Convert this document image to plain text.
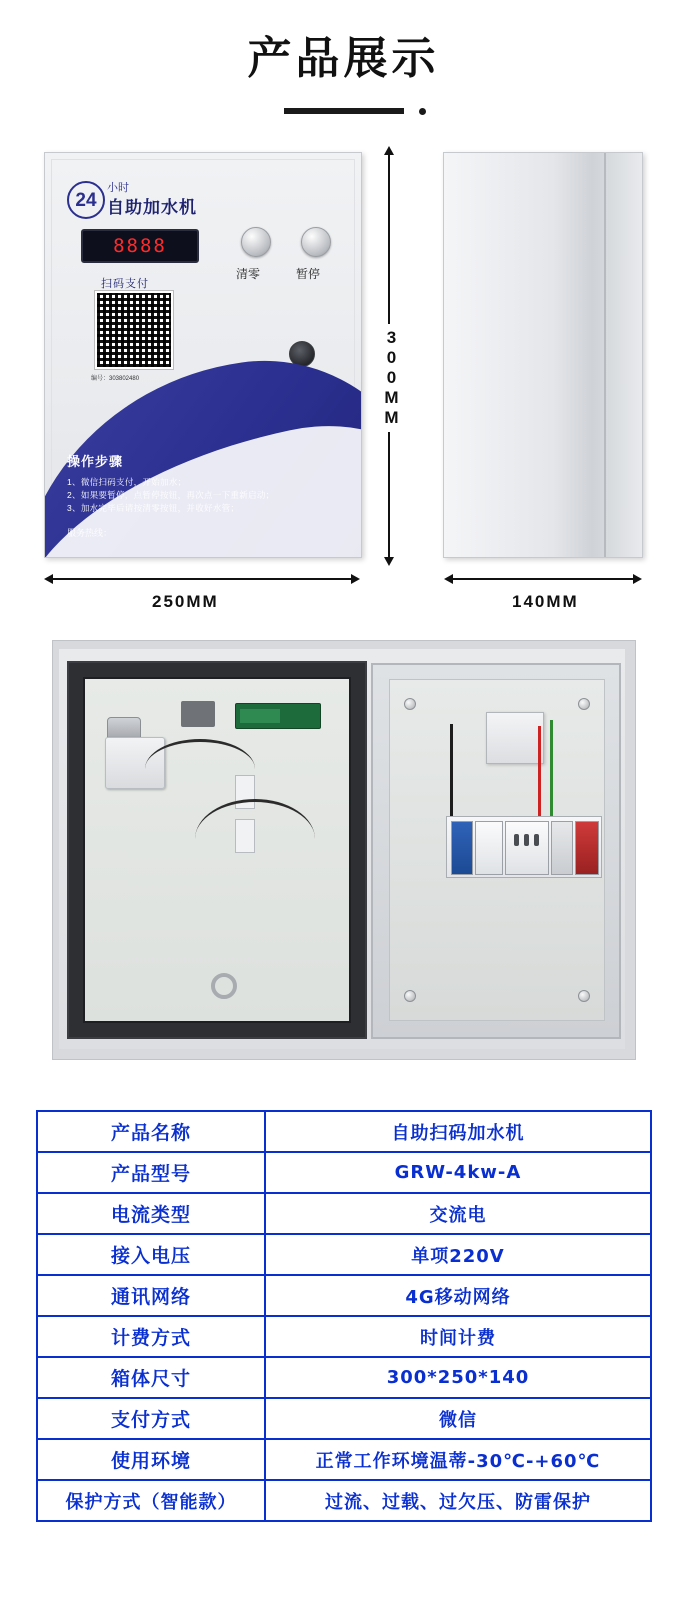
产品展示
24
小时
自助加水机
8888
扫码支付
编号：303802480
清零	暂停
操作步骤
1、微信扫码支付，开始加水；
2、如果要暂停，点暂停按钮，再次点一下重新启动；
3、加水完毕后请按清零按钮，并收好水管；
服务热线：
300MM
250MM	140MM
产品名称	自助扫码加水机
产品型号	GRW-4kw-A
电流类型	交流电
接入电压	单项220V
通讯网络	4G移动网络
计费方式	时间计费
箱体尺寸	300*250*140
支付方式	微信
使用环境	正常工作环境温蒂-30℃-+60℃
保护方式（智能款）	过流、过载、过欠压、防雷保护
